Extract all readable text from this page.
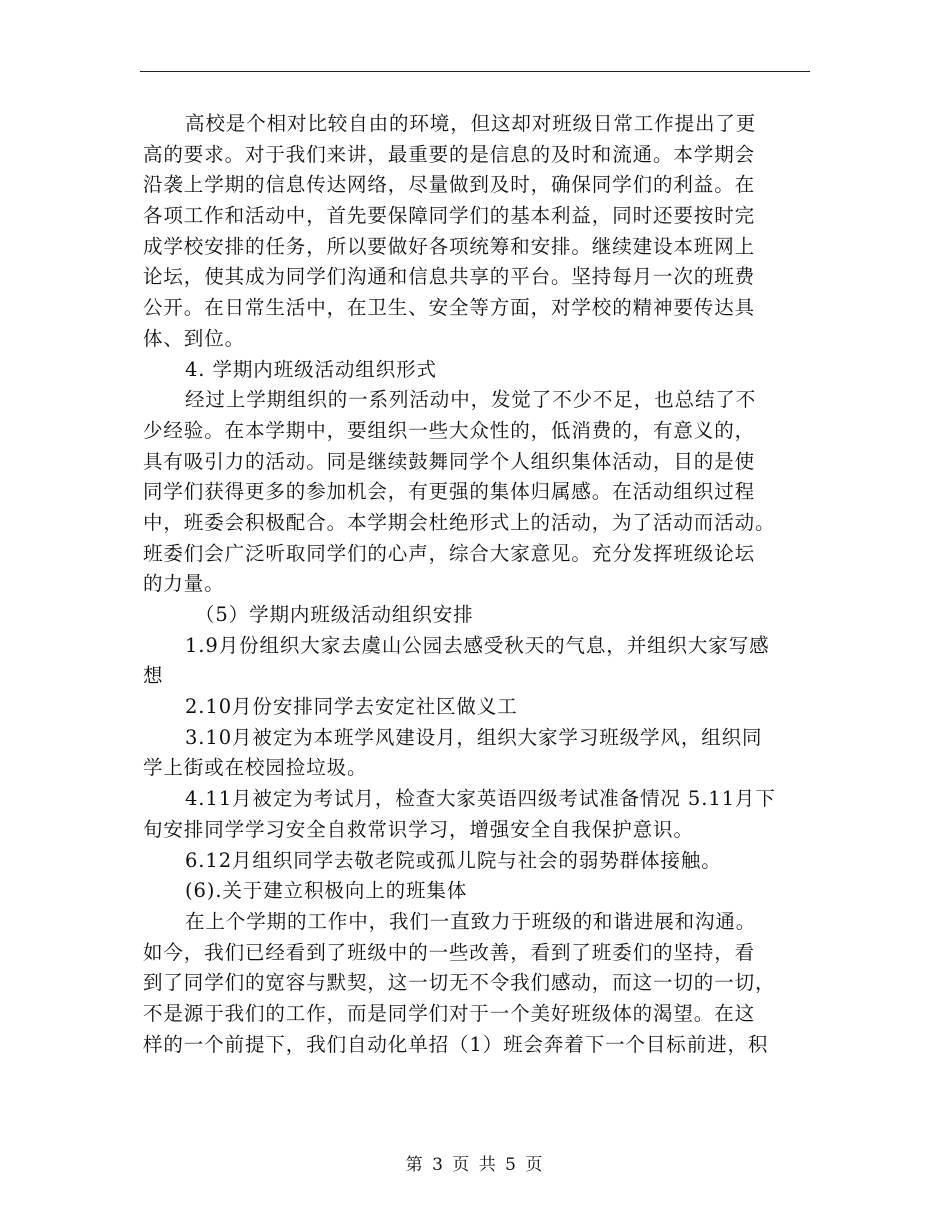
高校是个相对比较自由的环境，但这却对班级日常工作提出了更
高的要求。对于我们来讲，最重要的是信息的及时和流通。本学期会
沿袭上学期的信息传达网络，尽量做到及时，确保同学们的利益。在
各项工作和活动中，首先要保障同学们的基本利益，同时还要按时完
成学校安排的任务，所以要做好各项统筹和安排。继续建设本班网上
论坛，使其成为同学们沟通和信息共享的平台。坚持每月一次的班费
公开。在日常生活中，在卫生、安全等方面，对学校的精神要传达具
体、到位。
4. 学期内班级活动组织形式
经过上学期组织的一系列活动中，发觉了不少不足，也总结了不
少经验。在本学期中，要组织一些大众性的，低消费的，有意义的，
具有吸引力的活动。同是继续鼓舞同学个人组织集体活动，目的是使
同学们获得更多的参加机会，有更强的集体归属感。在活动组织过程
中，班委会积极配合。本学期会杜绝形式上的活动，为了活动而活动。
班委们会广泛听取同学们的心声，综合大家意见。充分发挥班级论坛
的力量。
（5）学期内班级活动组织安排
1.9月份组织大家去虞山公园去感受秋天的气息，并组织大家写感
想
2.10月份安排同学去安定社区做义工
3.10月被定为本班学风建设月，组织大家学习班级学风，组织同
学上街或在校园捡垃圾。
4.11月被定为考试月，检查大家英语四级考试准备情况 5.11月下
旬安排同学学习安全自救常识学习，增强安全自我保护意识。
6.12月组织同学去敬老院或孤儿院与社会的弱势群体接触。
(6).关于建立积极向上的班集体
在上个学期的工作中，我们一直致力于班级的和谐进展和沟通。
如今，我们已经看到了班级中的一些改善，看到了班委们的坚持，看
到了同学们的宽容与默契，这一切无不令我们感动，而这一切的一切，
不是源于我们的工作，而是同学们对于一个美好班级体的渴望。在这
样的一个前提下，我们自动化单招（1）班会奔着下一个目标前进，积
第 3 页 共 5 页
